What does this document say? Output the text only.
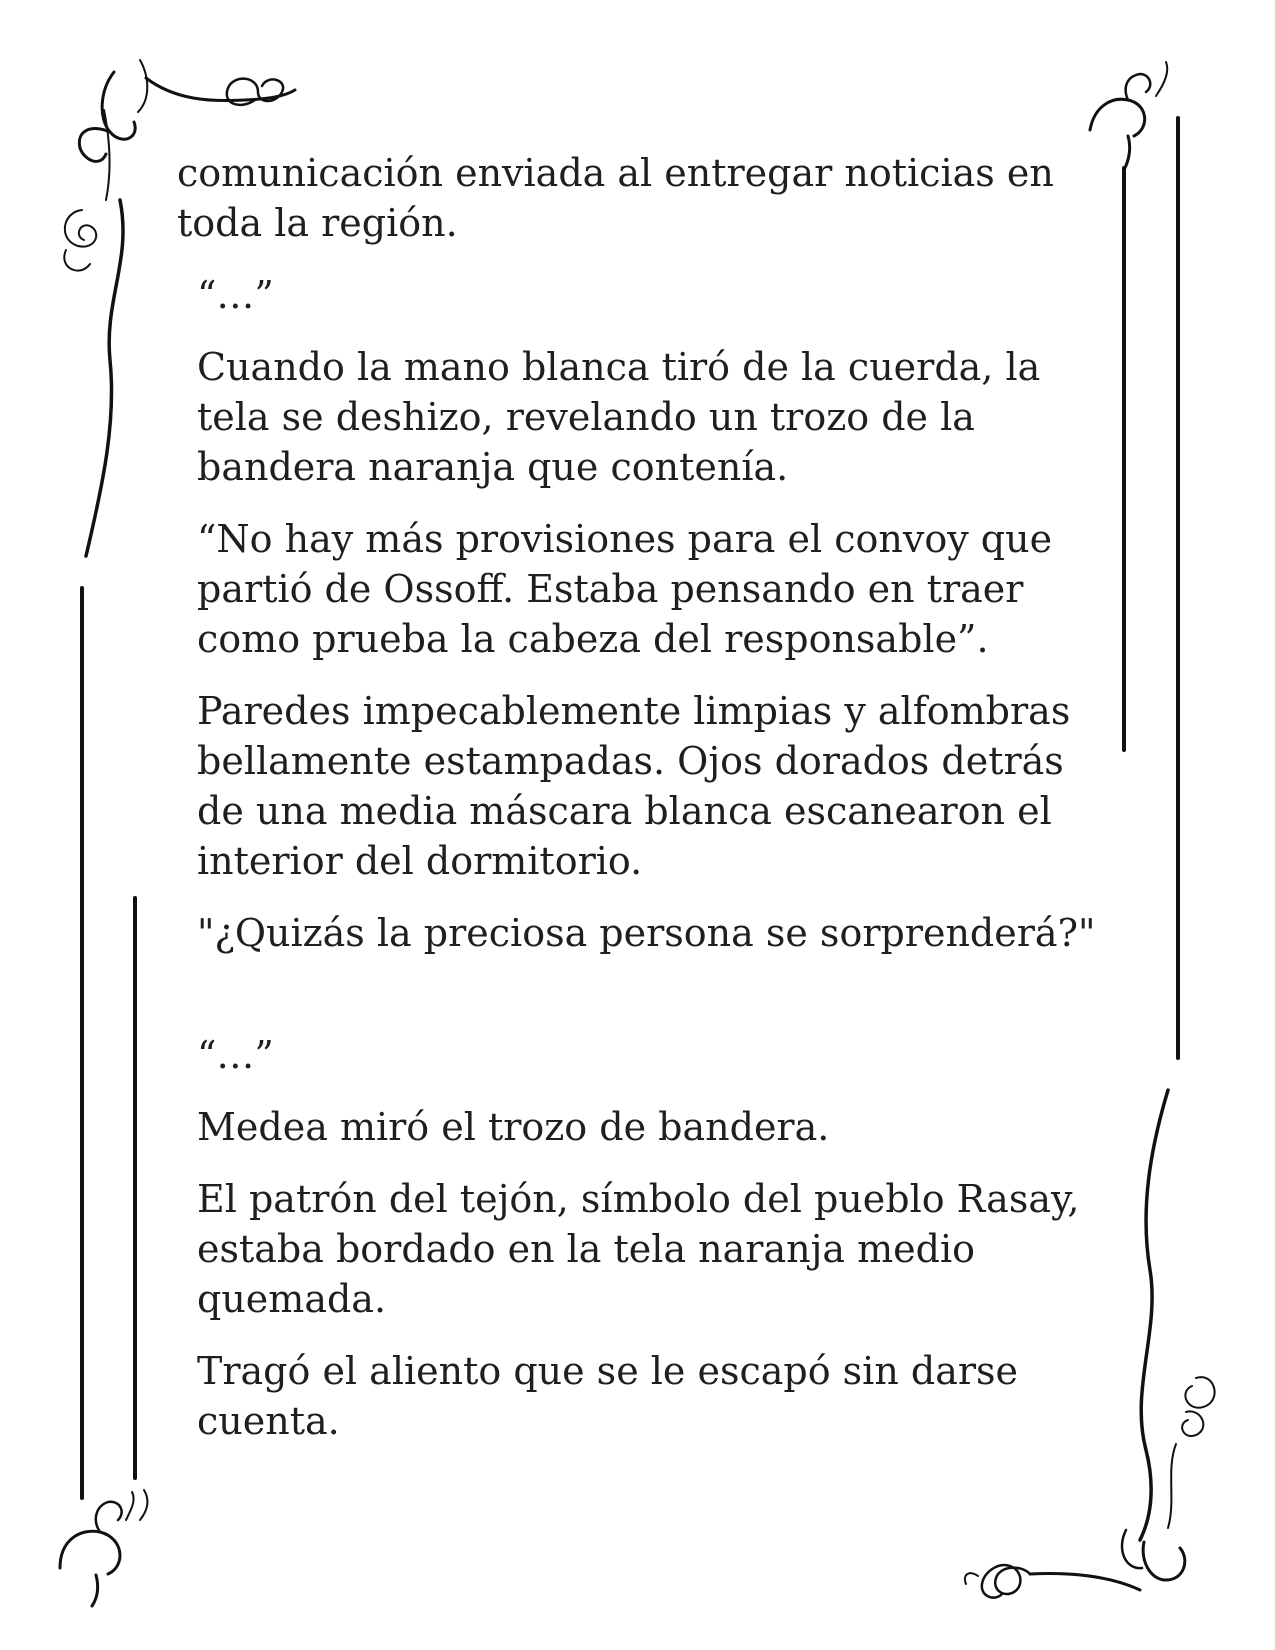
comunicación enviada al entregar noticias en toda la región.

“…”

Cuando la mano blanca tiró de la cuerda, la tela se deshizo, revelando un trozo de la bandera naranja que contenía.

“No hay más provisiones para el convoy que partió de Ossoff. Estaba pensando en traer como prueba la cabeza del responsable”.

Paredes impecablemente limpias y alfombras bellamente estampadas. Ojos dorados detrás de una media máscara blanca escanearon el interior del dormitorio.

"¿Quizás la preciosa persona se sorprenderá?"

“…”

Medea miró el trozo de bandera.

El patrón del tejón, símbolo del pueblo Rasay, estaba bordado en la tela naranja medio quemada.

Tragó el aliento que se le escapó sin darse cuenta.
